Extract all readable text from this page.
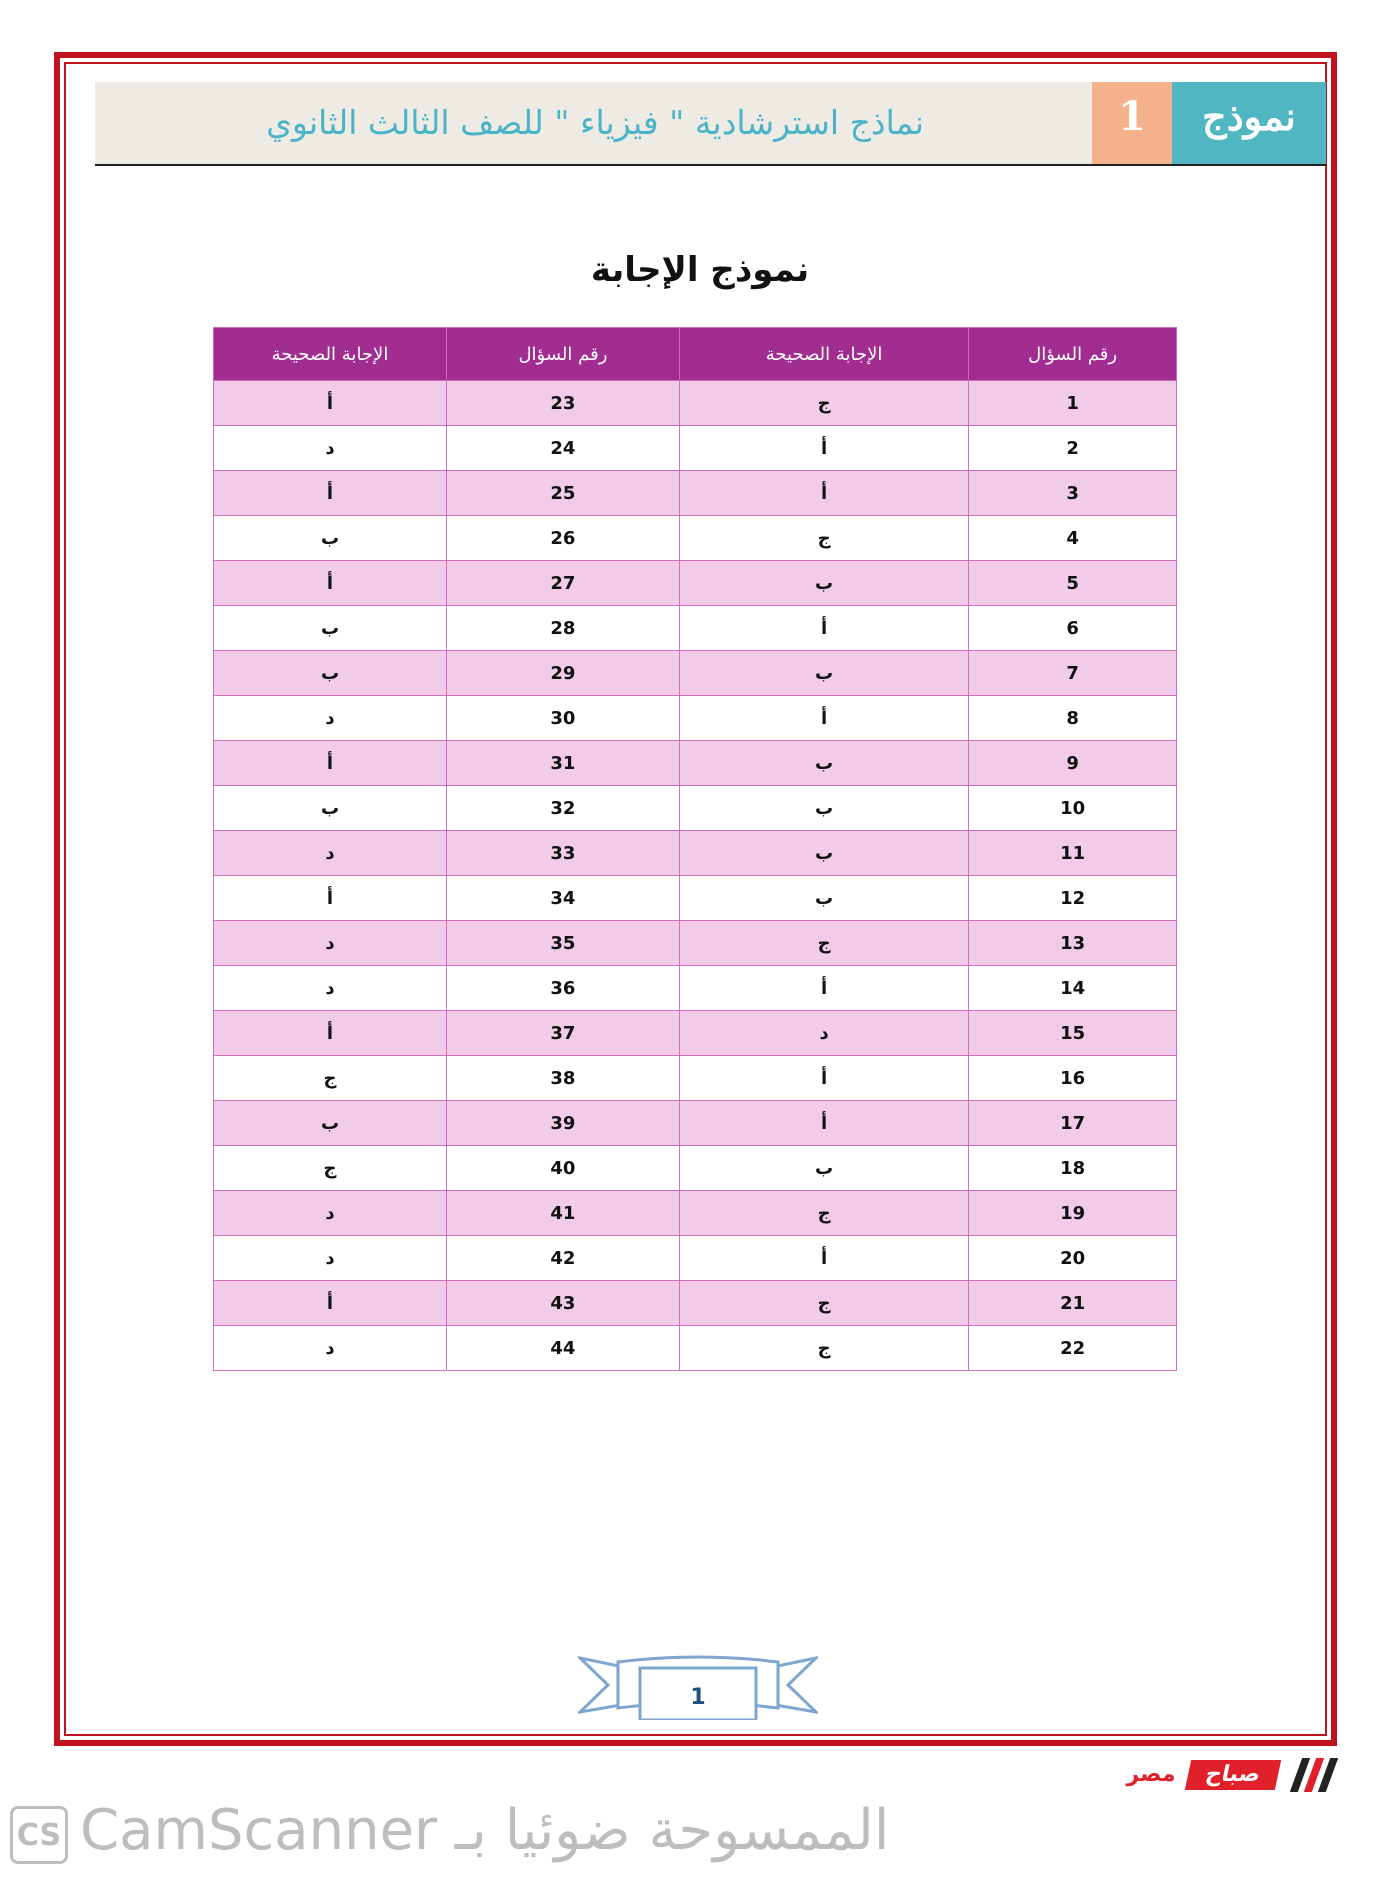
نماذج استرشادية " فيزياء " للصف الثالث الثانوي	1	نموذج
نموذج الإجابة
رقم السؤال	الإجابة الصحيحة	رقم السؤال	الإجابة الصحيحة
1	ج	23	أ
2	أ	24	د
3	أ	25	أ
4	ج	26	ب
5	ب	27	أ
6	أ	28	ب
7	ب	29	ب
8	أ	30	د
9	ب	31	أ
10	ب	32	ب
11	ب	33	د
12	ب	34	أ
13	ج	35	د
14	أ	36	د
15	د	37	أ
16	أ	38	ج
17	أ	39	ب
18	ب	40	ج
19	ج	41	د
20	أ	42	د
21	ج	43	أ
22	ج	44	د
1
مصر	صباح
CS الممسوحة ضوئيا بـ CamScanner
